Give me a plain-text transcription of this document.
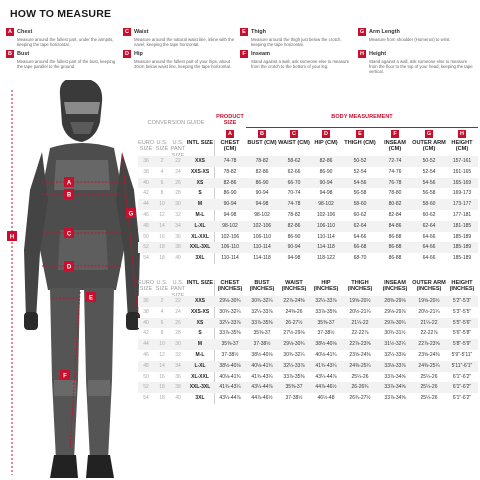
HOW TO MEASURE
A Chest
Measure around the fullest part, under the armpits, keeping the tape horizontal.
B Bust
Measure around the fullest part of the bust, keeping the tape parallel to the ground.
C Waist
Measure around the natural waist line, inline with the navel, keeping the tape horizontal.
D Hip
Measure around the fullest part of your hips, about 20cm below waist line, keeping the tape horizontal.
E Thigh
Measure around the thigh just below the crotch, keeping the tape horizontal.
F Inseam
Stand against a wall, ask someone else to measure from the crotch to the bottom of your leg.
G Arm Length
Measure from shoulder (Humerus) to wrist.
H Height
Stand against a wall, ask someone else to measure from the floor to the top of your head, keeping the tape vertical.
A
B
C
D
E
F
G
H
CONVERSION GUIDE
PRODUCT SIZE
BODY MEASUREMENT
A	B	C	D	E	F	G	H
EURO SIZE
U.S. SIZE
U.S. PANT
INTL SIZE	CHEST (CM)
BUST (CM) WAIST (CM) HIP (CM)	THIGH (CM)	INSEAM (CM)
OUTER ARM (CM)
HEIGHT (CM)
36	2	22	XXS	74-78	78-82	58-62	82-86	50-52	72-74	50-52	157-161
38	4	24	XXS-XS	78-82	82-86	62-66	86-90	52-54	74-76	52-54	161-165
40	6	26	XS	82-86	86-90	66-70	90-94	54-56	76-78	54-56	165-169
42	8	28	S	86-90	90-94	70-74	94-98	56-58	78-80	56-58	169-173
44	10	30	M	90-94	94-98	74-78	98-102	58-60	80-82	58-60	173-177
46	12	32	M-L	94-98	98-102	78-82	102-106	60-62	82-84	60-62	177-181
48	14	34	L-XL	98-102	102-106	82-86	106-110	62-64	84-86	62-64	181-185
50	16	36	XL-XXL	102-106	106-110	86-90	110-114	64-66	86-88	64-66	185-189
52	18	38	XXL-3XL	106-110	110-114	90-94	114-118	66-68	86-88	64-66	185-189
54	18	40	3XL	110-114	114-118	94-98	118-122	68-70	86-88	64-66	185-189
EURO SIZE
U.S. SIZE
U.S. PANT
INTL SIZE	CHEST (INCHES)
BUST (INCHES)
WAIST (INCHES)
HIP (INCHES)
THIGH (INCHES)
INSEAM (INCHES)
OUTER ARM (INCHES)
HEIGHT (INCHES)
36	2	22	XXS	29⅛-30¾	30¾-32¼	22⅞-24⅜	32¼-33⅞	19⅝-20½	28⅜-29⅛	19⅝-20½	5'2"-5'3"
38	4	24	XXS-XS	30¾-32¼	32¼-33⅞	24⅜-26	33⅞-35⅜	20½-21¼	29⅛-29⅞	20½-21¼	5'3"-5'5"
40	6	26	XS	32¼-33⅞	33⅞-35⅜	26-27½	35⅜-37	21¼-22	29⅞-30¾	21¼-22	5'5"-5'6"
42	8	28	S	33⅞-35⅜	35⅜-37	27½-29⅛	37-38½	22-22⅞	30¾-31½	22-22⅞	5'6"-5'8"
44	10	30	M	35⅜-37	37-38½	29⅛-30¾	38½-40⅛	22⅞-23⅝	31½-32¼	22⅞-23⅝	5'8"-5'9"
46	12	32	M-L	37-38½	38½-40⅛	30¾-32¼	40⅛-41¾	23⅝-24⅜	32¼-33⅛	23⅝-24⅜	5'9"-5'11"
48	14	34	L-XL	38½-40⅛	40⅛-41¾	32¼-33⅞	41¾-43¼	24⅜-25¼	33⅛-33⅞	24⅜-25¼	5'11"-6'1"
50	16	36	XL-XXL	40⅛-41¾	41¾-43¼	33⅞-35⅜	43¼-44⅞	25¼-26	33⅞-34⅝	25¼-26	6'1"-6'2"
52	18	38	XXL-3XL	41¾-43¼	43¼-44⅞	35⅜-37	44⅞-46½	26-26¾	33⅞-34⅝	25¼-26	6'1"-6'2"
54	18	40	3XL	43¼-44⅞	44⅞-46½	37-38½	46½-48	26¾-27½	33⅞-34⅝	25¼-26	6'1"-6'2"
